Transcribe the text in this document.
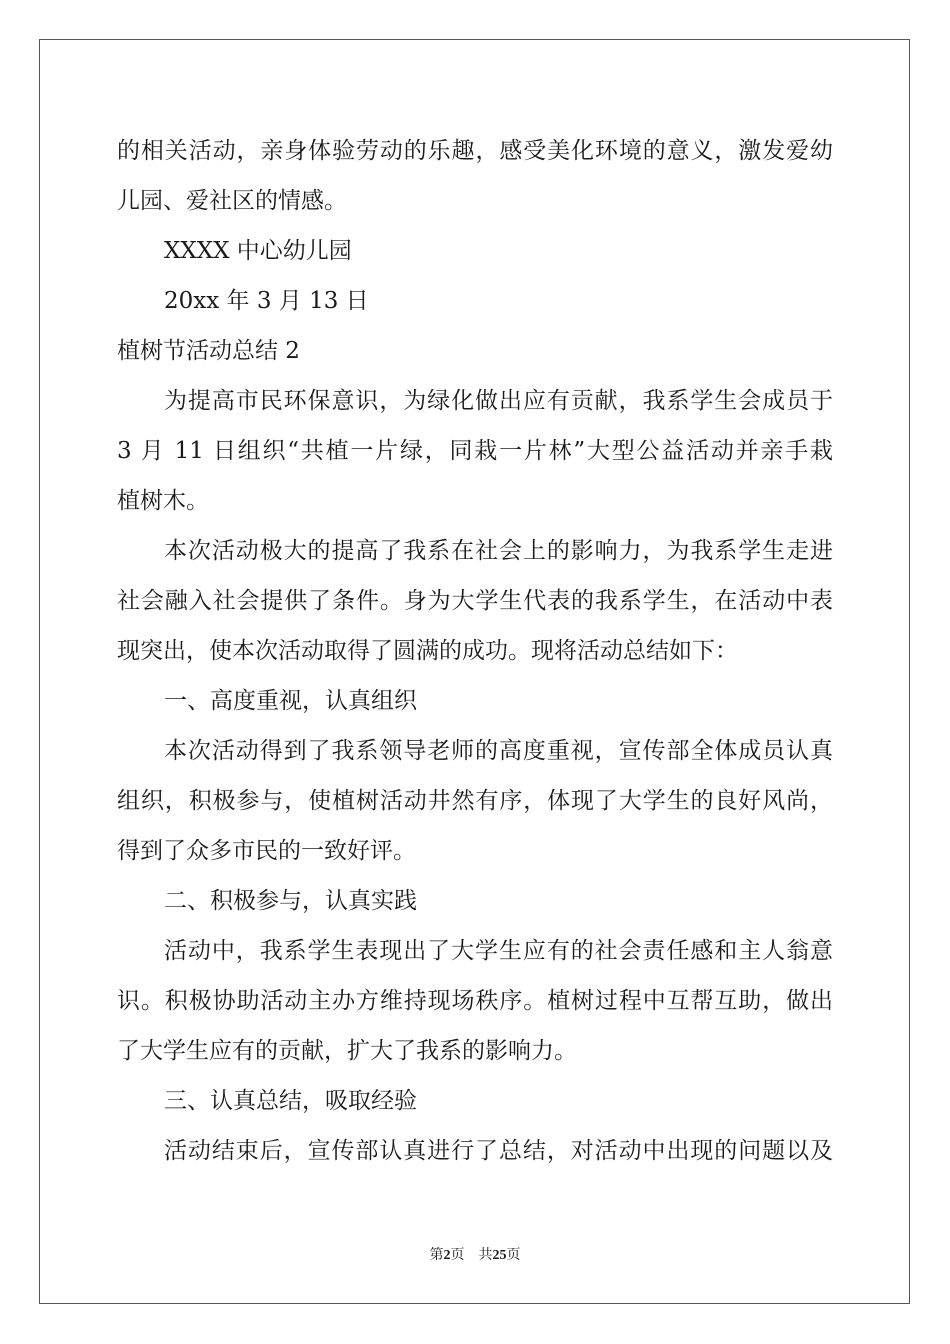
的相关活动，亲身体验劳动的乐趣，感受美化环境的意义，激发爱幼
儿园、爱社区的情感。
XXXX 中心幼儿园
20xx 年 3 月 13 日
植树节活动总结 2
为提高市民环保意识，为绿化做出应有贡献，我系学生会成员于
3 月 11 日组织“共植一片绿，同栽一片林”大型公益活动并亲手栽
植树木。
本次活动极大的提高了我系在社会上的影响力，为我系学生走进
社会融入社会提供了条件。身为大学生代表的我系学生，在活动中表
现突出，使本次活动取得了圆满的成功。现将活动总结如下：
一、高度重视，认真组织
本次活动得到了我系领导老师的高度重视，宣传部全体成员认真
组织，积极参与，使植树活动井然有序，体现了大学生的良好风尚，
得到了众多市民的一致好评。
二、积极参与，认真实践
活动中，我系学生表现出了大学生应有的社会责任感和主人翁意
识。积极协助活动主办方维持现场秩序。植树过程中互帮互助，做出
了大学生应有的贡献，扩大了我系的影响力。
三、认真总结，吸取经验
活动结束后，宣传部认真进行了总结，对活动中出现的问题以及
第2页 共25页
